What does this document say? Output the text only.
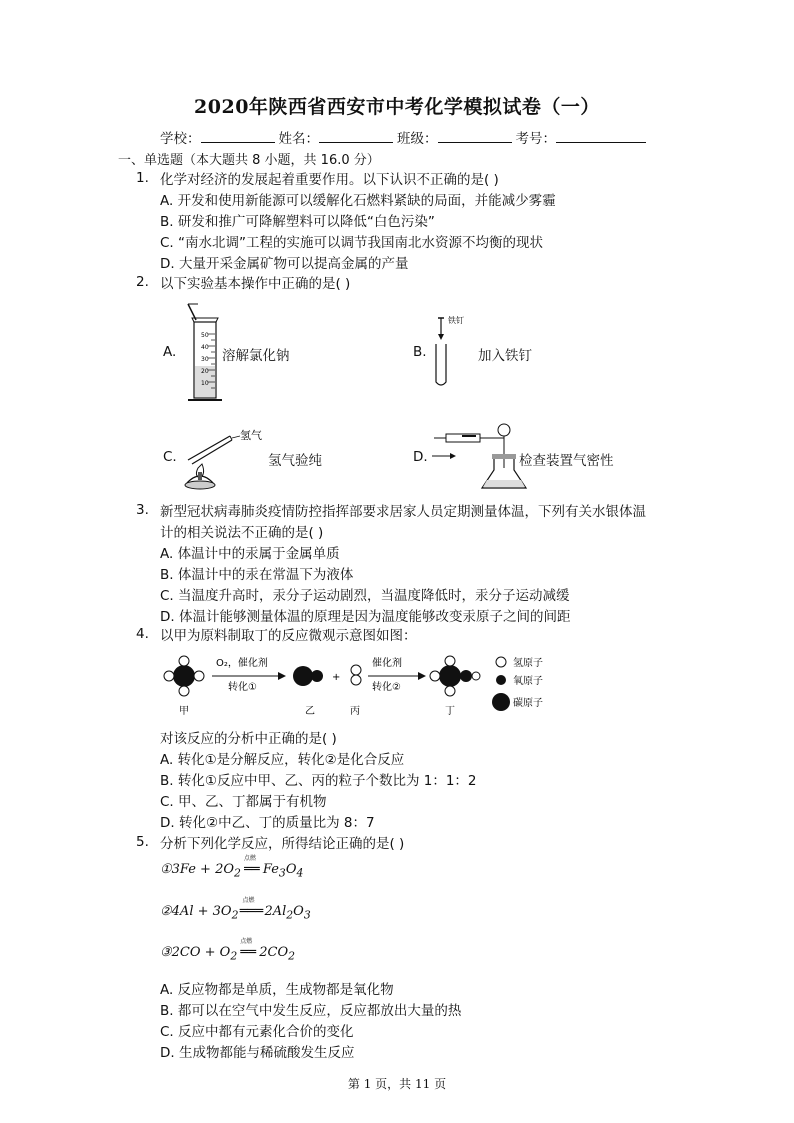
2020年陕西省西安市中考化学模拟试卷（一）
学校：	姓名：	班级：	考号：
一、单选题（本大题共 8 小题，共 16.0 分）
1. 化学对经济的发展起着重要作用。以下认识不正确的是( )
A. 开发和使用新能源可以缓解化石燃料紧缺的局面，并能减少雾霾
B. 研发和推广可降解塑料可以降低“白色污染”
C. “南水北调”工程的实施可以调节我国南北水资源不均衡的现状
D. 大量开采金属矿物可以提高金属的产量
2. 以下实验基本操作中正确的是( )
A.
50
40
30
20
10
溶解氯化钠	B.
铁钉
加入铁钉
C.
氢气
氢气验纯	D.	检查装置气密性
3. 新型冠状病毒肺炎疫情防控指挥部要求居家人员定期测量体温，下列有关水银体温
计的相关说法不正确的是( )
A. 体温计中的汞属于金属单质
B. 体温计中的汞在常温下为液体
C. 当温度升高时，汞分子运动剧烈，当温度降低时，汞分子运动减缓
D. 体温计能够测量体温的原理是因为温度能够改变汞原子之间的间距
4. 以甲为原料制取丁的反应微观示意图如图：
甲
O₂，催化剂
转化①
乙
+
丙
催化剂
转化②
丁
氢原子
氧原子
碳原子
对该反应的分析中正确的是( )
A. 转化①是分解反应，转化②是化合反应
B. 转化①反应中甲、乙、丙的粒子个数比为 1：1：2
C. 甲、乙、丁都属于有机物
D. 转化②中乙、丁的质量比为 8：7
5. 分析下列化学反应，所得结论正确的是( )
①3Fe + $2O_2$
点燃
══ $Fe_3O_4$
②4Al + $3O_2$
点燃
$═══2Al_2O_3$
③2CO + $O_2$
点燃
══ $2CO_2$
A. 反应物都是单质，生成物都是氧化物
B. 都可以在空气中发生反应，反应都放出大量的热
C. 反应中都有元素化合价的变化
D. 生成物都能与稀硫酸发生反应
第 1 页，共 11 页
